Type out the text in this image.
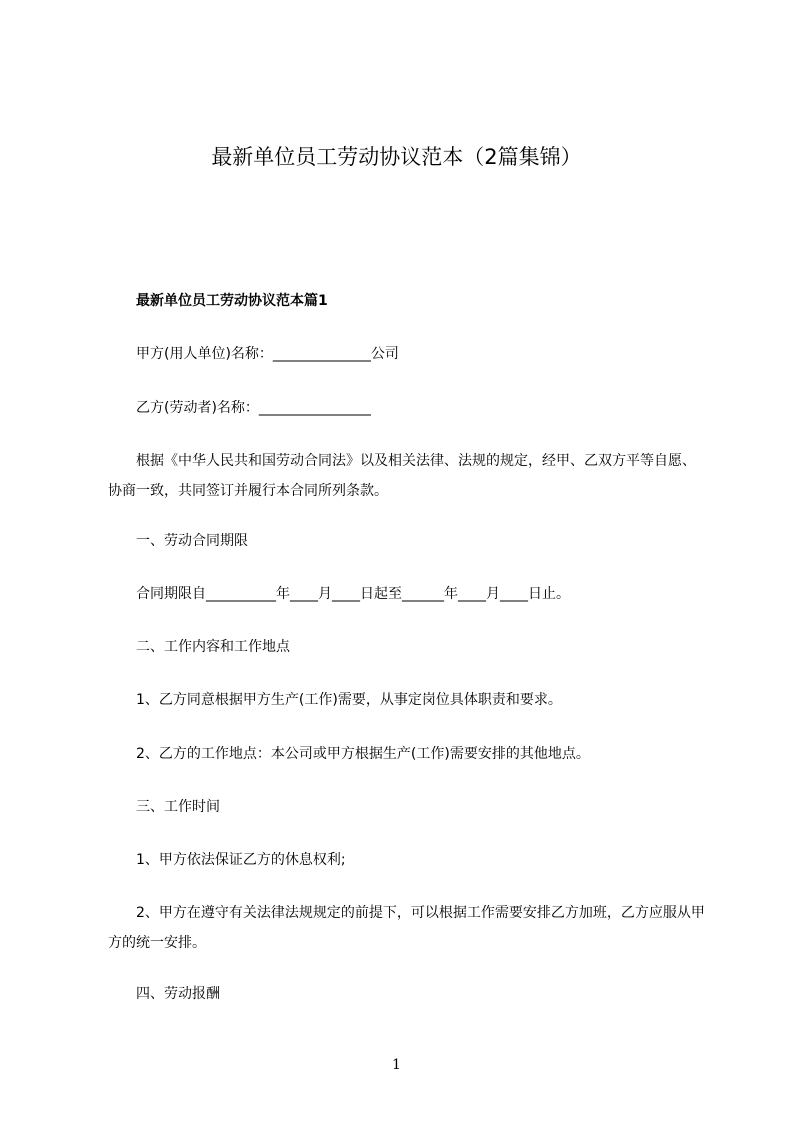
最新单位员工劳动协议范本（2篇集锦）
最新单位员工劳动协议范本篇1
甲方(用人单位)名称：______________公司
乙方(劳动者)名称：________________
根据《中华人民共和国劳动合同法》以及相关法律、法规的规定，经甲、乙双方平等自愿、协商一致，共同签订并履行本合同所列条款。
一、劳动合同期限
合同期限自__________年____月____日起至______年____月____日止。
二、工作内容和工作地点
1、乙方同意根据甲方生产(工作)需要，从事定岗位具体职责和要求。
2、乙方的工作地点：本公司或甲方根据生产(工作)需要安排的其他地点。
三、工作时间
1、甲方依法保证乙方的休息权利;
2、甲方在遵守有关法律法规规定的前提下，可以根据工作需要安排乙方加班，乙方应服从甲方的统一安排。
四、劳动报酬
1
